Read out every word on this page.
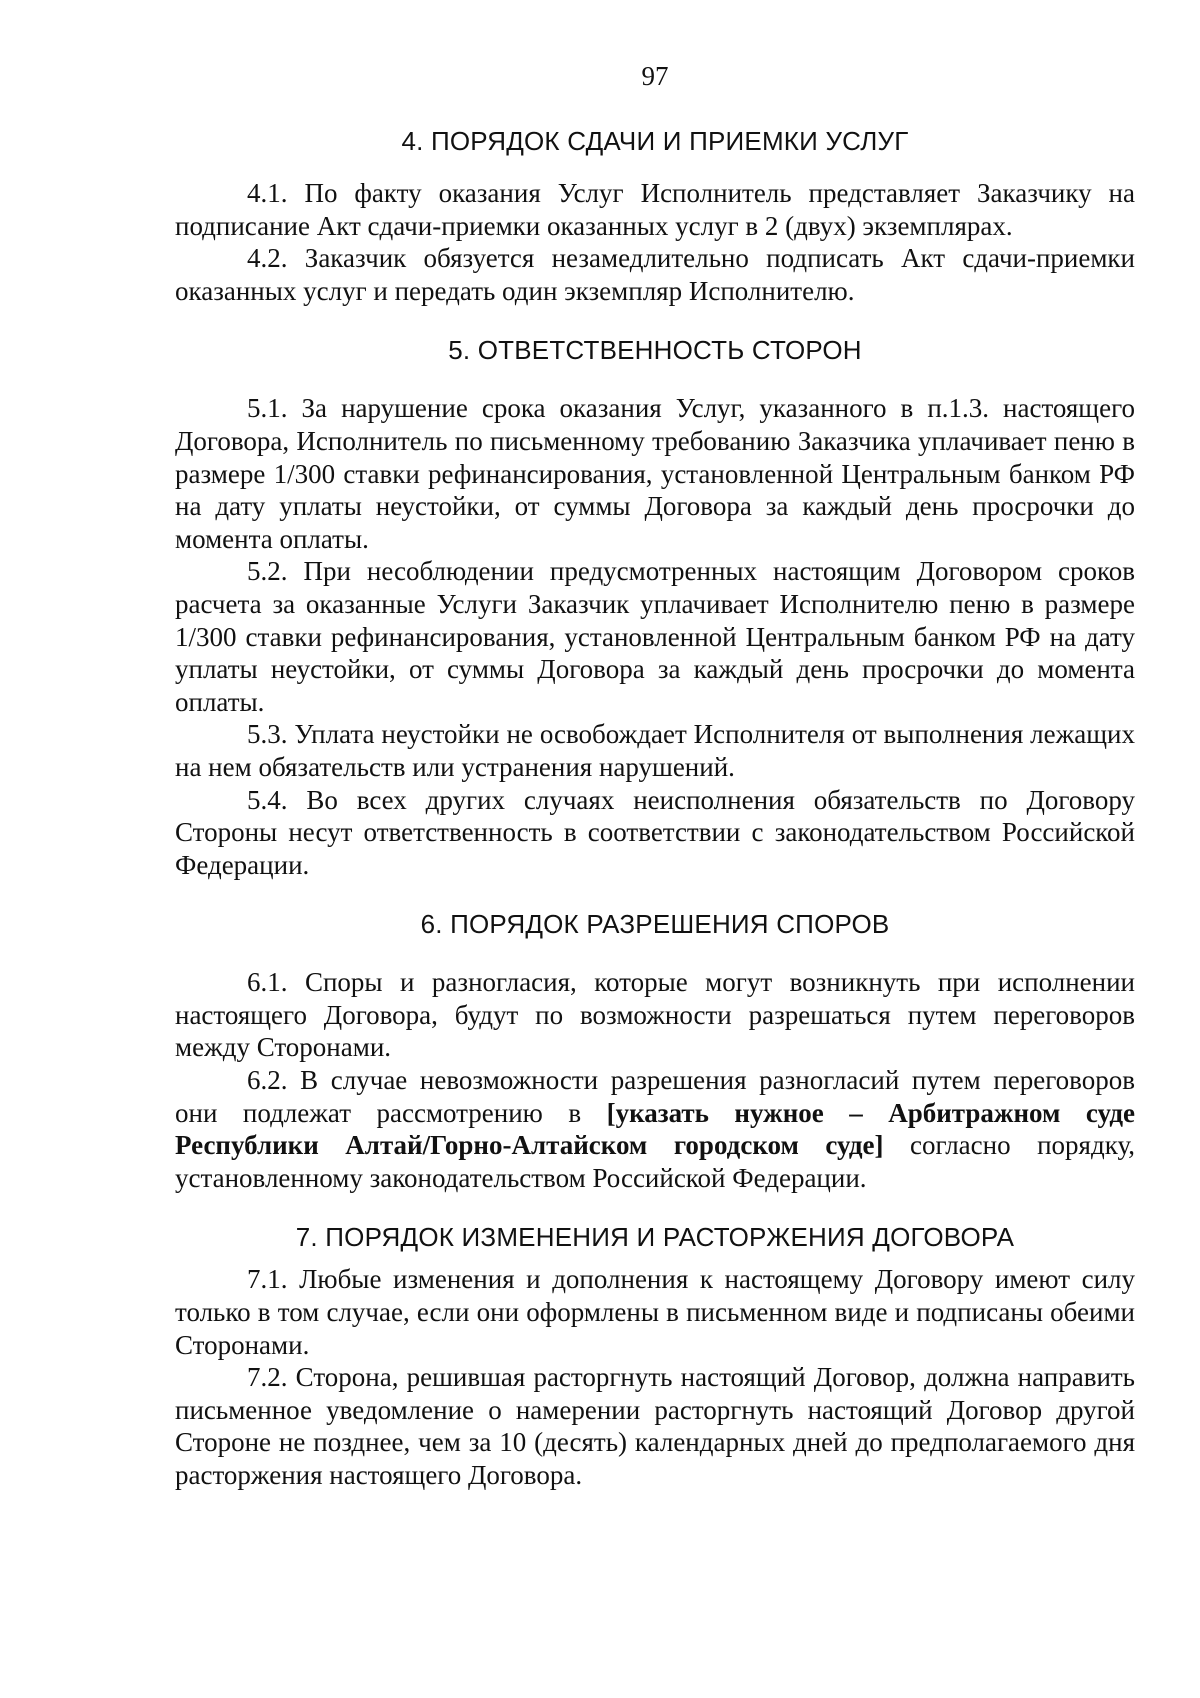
97
4. ПОРЯДОК СДАЧИ И ПРИЕМКИ УСЛУГ

4.1. По факту оказания Услуг Исполнитель представляет Заказчику на подписание Акт сдачи-приемки оказанных услуг в 2 (двух) экземплярах.

4.2. Заказчик обязуется незамедлительно подписать Акт сдачи-приемки оказанных услуг и передать один экземпляр Исполнителю.

5. ОТВЕТСТВЕННОСТЬ СТОРОН

5.1. За нарушение срока оказания Услуг, указанного в п.1.3. настоящего Договора, Исполнитель по письменному требованию Заказчика уплачивает пеню в размере 1/300 ставки рефинансирования, установленной Центральным банком РФ на дату уплаты неустойки, от суммы Договора за каждый день просрочки до момента оплаты.

5.2. При несоблюдении предусмотренных настоящим Договором сроков расчета за оказанные Услуги Заказчик уплачивает Исполнителю пеню в размере 1/300 ставки рефинансирования, установленной Центральным банком РФ на дату уплаты неустойки, от суммы Договора за каждый день просрочки до момента оплаты.

5.3. Уплата неустойки не освобождает Исполнителя от выполнения лежащих на нем обязательств или устранения нарушений.

5.4. Во всех других случаях неисполнения обязательств по Договору Стороны несут ответственность в соответствии с законодательством Российской Федерации.

6. ПОРЯДОК РАЗРЕШЕНИЯ СПОРОВ

6.1. Споры и разногласия, которые могут возникнуть при исполнении настоящего Договора, будут по возможности разрешаться путем переговоров между Сторонами.

6.2. В случае невозможности разрешения разногласий путем переговоров они подлежат рассмотрению в [указать нужное – Арбитражном суде Республики Алтай/Горно-Алтайском городском суде] согласно порядку, установленному законодательством Российской Федерации.

7. ПОРЯДОК ИЗМЕНЕНИЯ И РАСТОРЖЕНИЯ ДОГОВОРА

7.1. Любые изменения и дополнения к настоящему Договору имеют силу только в том случае, если они оформлены в письменном виде и подписаны обеими Сторонами.

7.2. Сторона, решившая расторгнуть настоящий Договор, должна направить письменное уведомление о намерении расторгнуть настоящий Договор другой Стороне не позднее, чем за 10 (десять) календарных дней до предполагаемого дня расторжения настоящего Договора.
